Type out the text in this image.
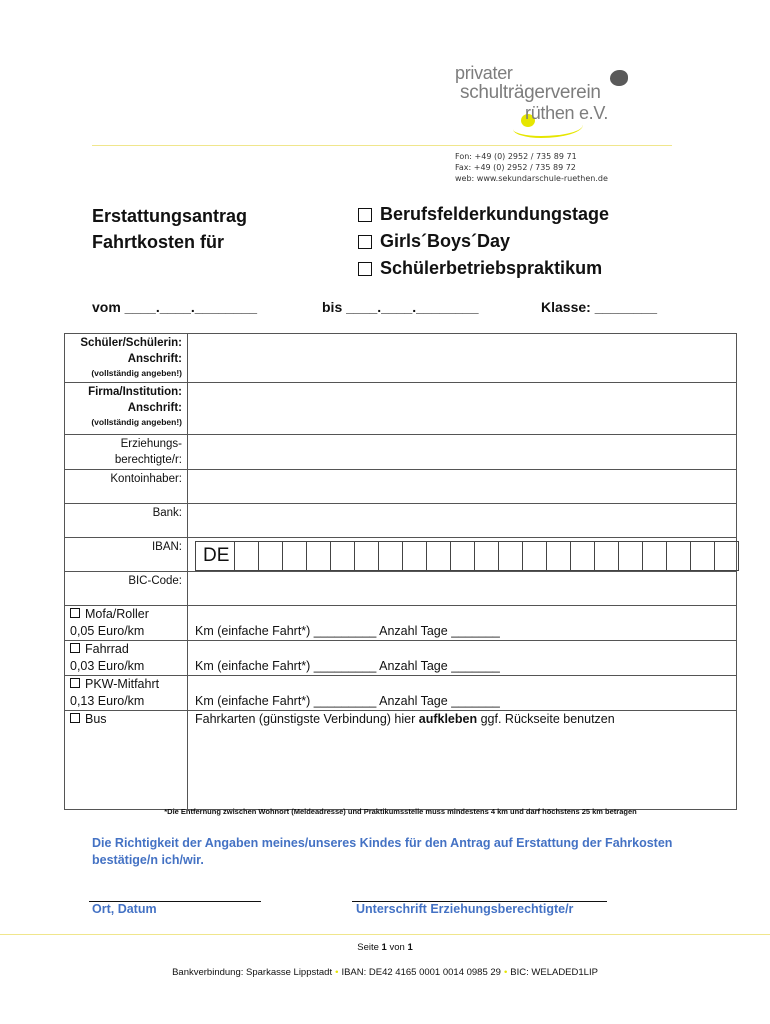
privater
schulträgerverein
rüthen e.V.
Fon: +49 (0) 2952 / 735 89 71
Fax: +49 (0) 2952 / 735 89 72
web: www.sekundarschule-ruethen.de
Erstattungsantrag
Fahrtkosten für
Berufsfelderkundungstage
Girls´Boys´Day
Schülerbetriebspraktikum
vom ____.____.________	bis ____.____.________	Klasse: ________
Schüler/Schülerin:
Anschrift:
(vollständig angeben!)	

Firma/Institution:
Anschrift:
(vollständig angeben!)	

Erziehungs-
berechtigte/r:	

Kontoinhaber:	
Bank:	
IBAN:	DE

BIC-Code:	

Mofa/Roller
0,05 Euro/km	Km (einfache Fahrt*) _________ Anzahl Tage _______

Fahrrad
0,03 Euro/km	Km (einfache Fahrt*) _________ Anzahl Tage _______

PKW-Mitfahrt
0,13 Euro/km	Km (einfache Fahrt*) _________ Anzahl Tage _______

Bus	Fahrkarten (günstigste Verbindung) hier aufkleben ggf. Rückseite benutzen
*Die Entfernung zwischen Wohnort (Meldeadresse) und Praktikumsstelle muss mindestens 4 km und darf höchstens 25 km betragen
Die Richtigkeit der Angaben meines/unseres Kindes für den Antrag auf Erstattung der Fahrkosten bestätige/n ich/wir.
Ort, Datum	Unterschrift Erziehungsberechtigte/r
Seite 1 von 1
Bankverbindung: Sparkasse Lippstadt • IBAN: DE42 4165 0001 0014 0985 29 • BIC: WELADED1LIP
